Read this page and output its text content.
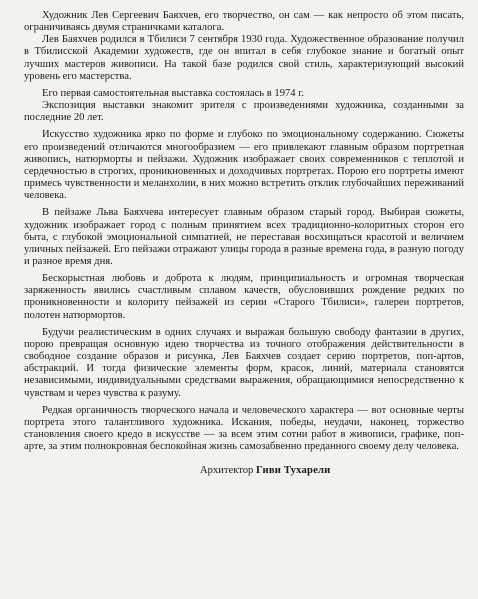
Художник Лев Сергеевич Баяхчев, его творчество, он сам — как непросто об этом писать, ограничиваясь двумя страничками каталога.

Лев Баяхчев родился в Тбилиси 7 сентября 1930 года. Художественное образование получил в Тбилисской Академии художеств, где он впитал в себя глубокое знание и богатый опыт лучших мастеров живописи. На такой базе родился свой стиль, характеризующий высокий уровень его мастерства.

Его первая самостоятельная выставка состоялась в 1974 г.

Экспозиция выставки знакомит зрителя с произведениями художника, созданными за последние 20 лет.

Искусство художника ярко по форме и глубоко по эмоциональному содержанию. Сюжеты его произведений отличаются многообразием — его привлекают главным образом портретная живопись, натюрморты и пейзажи. Художник изображает своих современников с теплотой и сердечностью в строгих, проникновенных и доходчивых портретах. Порою его портреты имеют примесь чувственности и меланхолии, в них можно встретить отклик глубочайших переживаний человека.

В пейзаже Льва Баяхчева интересует главным образом старый город. Выбирая сюжеты, художник изображает город с полным принятием всех традиционно-колоритных сторон его быта, с глубокой эмоциональной симпатией, не переставая восхищаться красотой и величием уличных пейзажей. Его пейзажи отражают улицы города в разные времена года, в разную погоду и разное время дня.

Бескорыстная любовь и доброта к людям, принципиальность и огромная творческая заряженность явились счастливым сплавом качеств, обусловивших рождение редких по проникновенности и колориту пейзажей из серии «Старого Тбилиси», галереи портретов, полотен натюрмортов.

Будучи реалистическим в одних случаях и выражая большую свободу фантазии в других, порою превращая основную идею творчества из точного отображения действительности в свободное создание образов и рисунка, Лев Баяхчев создает серию портретов, поп-артов, абстракций. И тогда физические элементы форм, красок, линий, материала становятся независимыми, индивидуальными средствами выражения, обращающимися непосредственно к чувствам и через чувства к разуму.

Редкая органичность творческого начала и человеческого характера — вот основные черты портрета этого талантливого художника. Искания, победы, неудачи, наконец, торжество становления своего кредо в искусстве — за всем этим сотни работ в живописи, графике, поп-арте, за этим полнокровная беспокойная жизнь самозабвенно преданного своему делу человека.

Архитектор Гиви Тухарели
